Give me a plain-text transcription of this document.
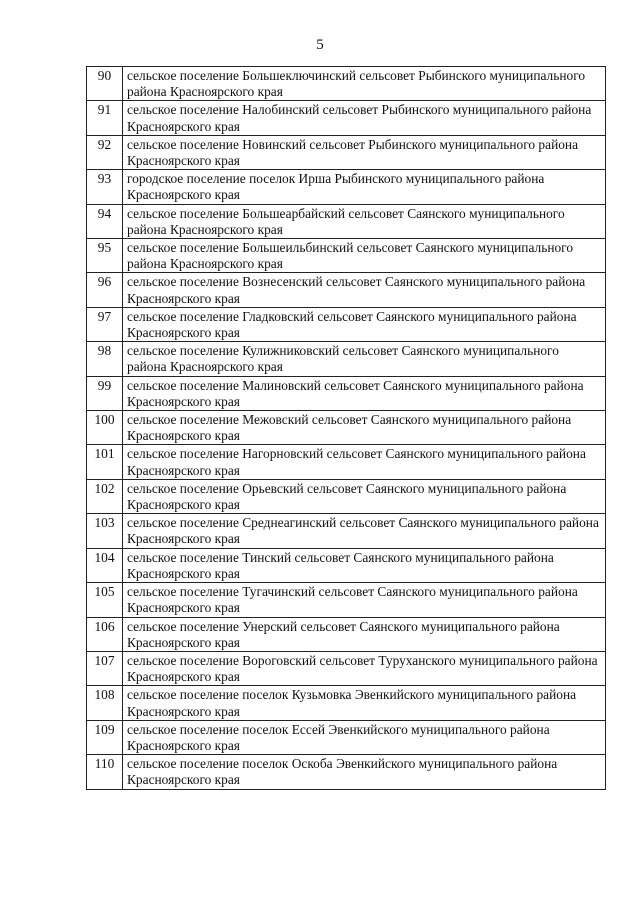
5
90	сельское поселение Большеключинский сельсовет Рыбинского муниципального района Красноярского края
91	сельское поселение Налобинский сельсовет Рыбинского муниципального района Красноярского края
92	сельское поселение Новинский сельсовет Рыбинского муниципального района Красноярского края
93	городское поселение поселок Ирша Рыбинского муниципального района Красноярского края
94	сельское поселение Большеарбайский сельсовет Саянского муниципального района Красноярского края
95	сельское поселение Большеильбинский сельсовет Саянского муниципального района Красноярского края
96	сельское поселение Вознесенский сельсовет Саянского муниципального района Красноярского края
97	сельское поселение Гладковский сельсовет Саянского муниципального района Красноярского края
98	сельское поселение Кулижниковский сельсовет Саянского муниципального района Красноярского края
99	сельское поселение Малиновский сельсовет Саянского муниципального района Красноярского края
100	сельское поселение Межовский сельсовет Саянского муниципального района Красноярского края
101	сельское поселение Нагорновский сельсовет Саянского муниципального района Красноярского края
102	сельское поселение Орьевский сельсовет Саянского муниципального района Красноярского края
103	сельское поселение Среднеагинский сельсовет Саянского муниципального района Красноярского края
104	сельское поселение Тинский сельсовет Саянского муниципального района Красноярского края
105	сельское поселение Тугачинский сельсовет Саянского муниципального района Красноярского края
106	сельское поселение Унерский сельсовет Саянского муниципального района Красноярского края
107	сельское поселение Вороговский сельсовет Туруханского муниципального района Красноярского края
108	сельское поселение поселок Кузьмовка Эвенкийского муниципального района Красноярского края
109	сельское поселение поселок Ессей Эвенкийского муниципального района Красноярского края
110	сельское поселение поселок Оскоба Эвенкийского муниципального района Красноярского края
